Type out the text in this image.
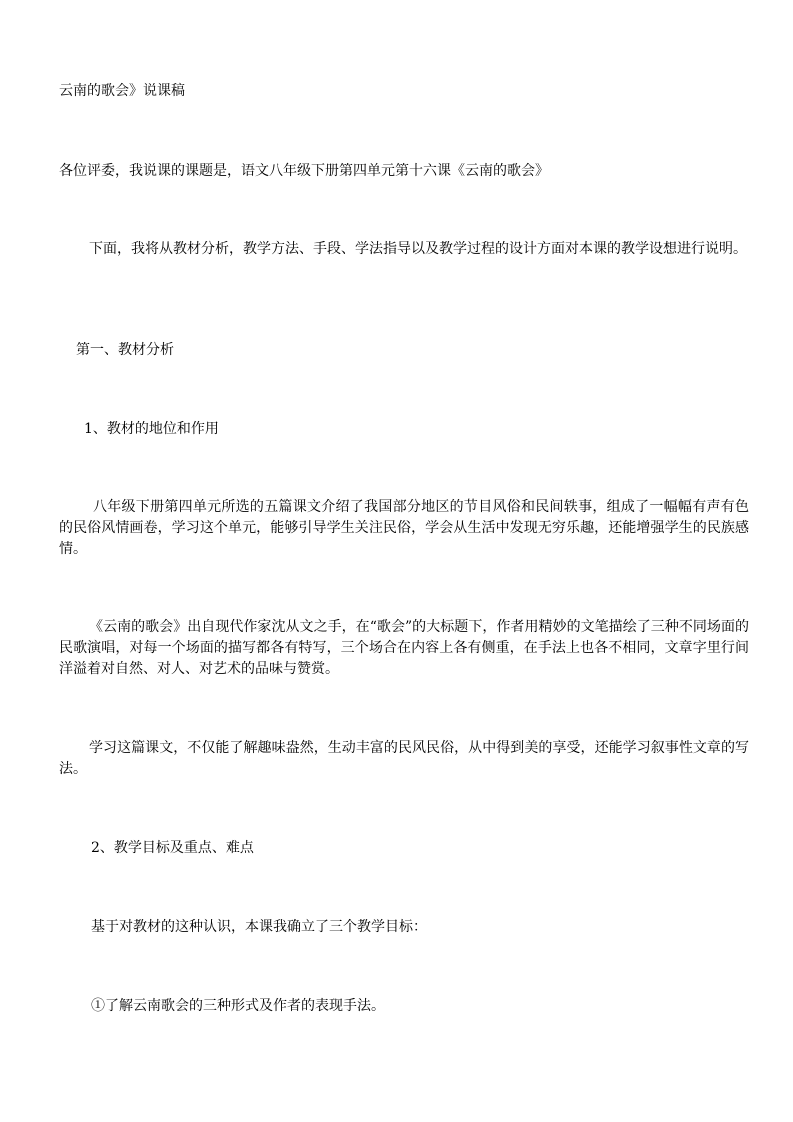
云南的歌会》说课稿
各位评委，我说课的课题是，语文八年级下册第四单元第十六课《云南的歌会》
下面，我将从教材分析，教学方法、手段、学法指导以及教学过程的设计方面对本课的教学设想进行说明。
第一、教材分析
1、教材的地位和作用
八年级下册第四单元所选的五篇课文介绍了我国部分地区的节目风俗和民间轶事，组成了一幅幅有声有色的民俗风情画卷，学习这个单元，能够引导学生关注民俗，学会从生活中发现无穷乐趣，还能增强学生的民族感情。
《云南的歌会》出自现代作家沈从文之手，在“歌会”的大标题下，作者用精妙的文笔描绘了三种不同场面的民歌演唱，对每一个场面的描写都各有特写，三个场合在内容上各有侧重，在手法上也各不相同，文章字里行间洋溢着对自然、对人、对艺术的品味与赞赏。
学习这篇课文，不仅能了解趣味盎然，生动丰富的民风民俗，从中得到美的享受，还能学习叙事性文章的写法。
2、教学目标及重点、难点
基于对教材的这种认识，本课我确立了三个教学目标：
①了解云南歌会的三种形式及作者的表现手法。
